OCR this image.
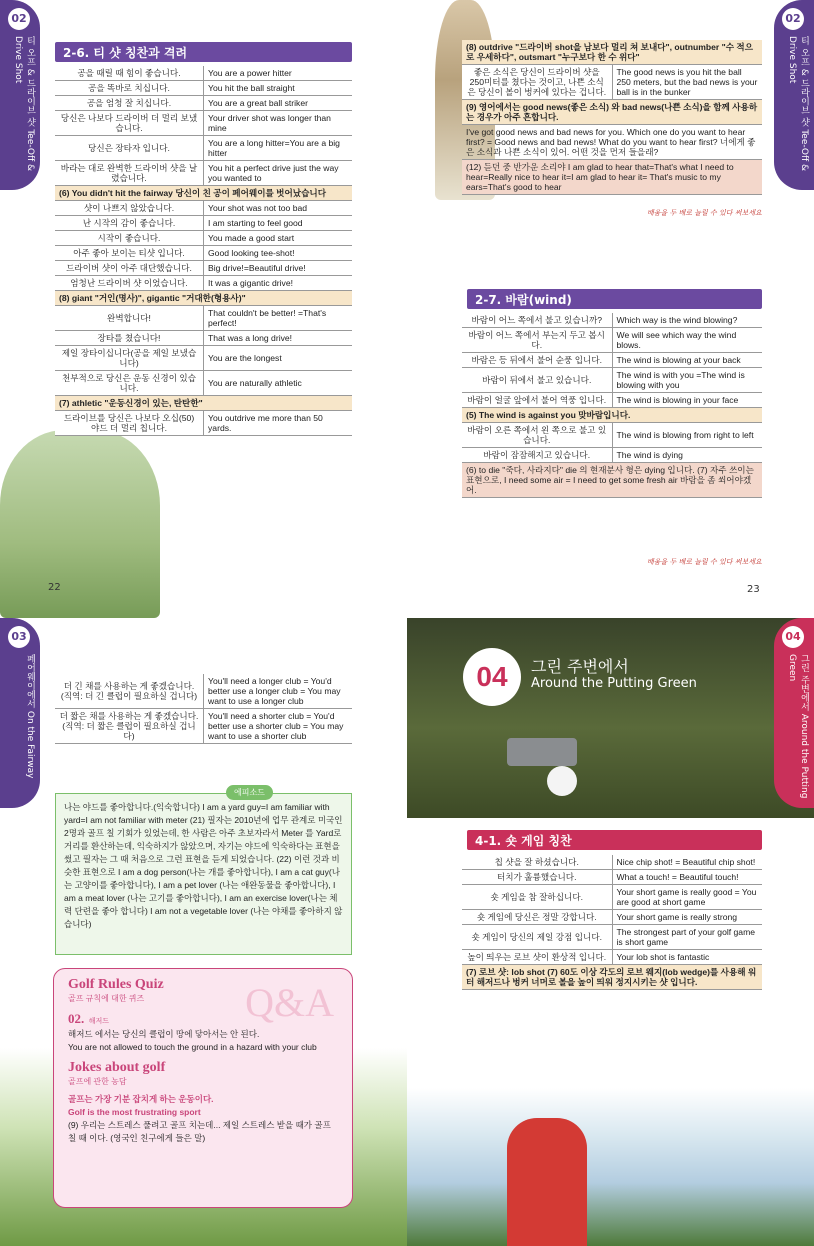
02
티 오프 & 드라이브 샷 Tee-Off & Drive Shot	2-6. 티 샷 칭찬과 격려
공을 때릴 때 힘이 좋습니다.	You are a power hitter
공을 똑바로 치십니다.	You hit the ball straight
공을 엄청 잘 치십니다.	You are a great ball striker
당신은 나보다 드라이버 더 멀리 보냈습니다.	Your driver shot was longer than mine
당신은 장타자 입니다.	You are a long hitter=You are a big hitter
바라는 대로 완벽한 드라이버 샷을 날렸습니다.	You hit a perfect drive just the way you wanted to
(6) You didn't hit the fairway 당신이 친 공이 페어웨이를 벗어났습니다	
샷이 나쁘지 않았습니다.	Your shot was not too bad
난 시작의 감이 좋습니다.	I am starting to feel good
시작이 좋습니다.	You made a good start
아주 좋아 보이는 티샷 입니다.	Good looking tee-shot!
드라이버 샷이 아주 대단했습니다.	Big drive!=Beautiful drive!
엄청난 드라이버 샷 이었습니다.	It was a gigantic drive!
(8) giant "거인(명사)", gigantic "거대한(형용사)"	
완벽합니다!	That couldn't be better! =That's perfect!
장타를 쳤습니다!	That was a long drive!
제일 장타이십니다(공을 제일 보냈습니다)	You are the longest
천부적으로 당신은 운동 신경이 있습니다.	You are naturally athletic
(7) athletic "운동신경이 있는, 탄탄한"	
드라이브를 당신은 나보다 오십(50) 야드 더 멀리 칩니다.	You outdrive me more than 50 yards.
22
02
티 오프 & 드라이브 샷 Tee-Off & Drive Shot
(8) outdrive "드라이버 shot을 남보다 멀리 쳐 보내다", outnumber "수 적으로 우세하다", outsmart "누구보다 한 수 위다"
좋은 소식은 당신이 드라이버 샷을 250미터를 쳤다는 것이고, 나쁜 소식은 당신이 볼이 벙커에 있다는 겁니다.	The good news is you hit the ball 250 meters, but the bad news is your ball is in the bunker
(9) 영어에서는 good news(좋은 소식) 와 bad news(나쁜 소식)을 함께 사용하는 경우가 아주 흔합니다.
I've got good news and bad news for you. Which one do you want to hear first? = Good news and bad news! What do you want to hear first? 너에게 좋은 소식과 나쁜 소식이 있어. 어떤 것을 먼저 들을래?
(12) 듣던 중 반가운 소리야 I am glad to hear that=That's what I need to hear=Really nice to hear it=I am glad to hear it= That's music to my ears=That's good to hear
배움을 두 배로 늘릴 수 있다 써보세요
2-7. 바람(wind)
바람이 어느 쪽에서 불고 있습니까?	Which way is the wind blowing?
바람이 어느 쪽에서 부는지 두고 봅시다.	We will see which way the wind blows.
바람은 등 뒤에서 불어 순풍 입니다.	The wind is blowing at your back
바람이 뒤에서 불고 있습니다.	The wind is with you =The wind is blowing with you
바람이 얼굴 앞에서 불어 역풍 입니다.	The wind is blowing in your face
(5) The wind is against you 맞바람입니다.	
바람이 오른 쪽에서 왼 쪽으로 불고 있습니다.	The wind is blowing from right to left
바람이 잠잠해지고 있습니다.	The wind is dying
(6) to die "죽다, 사라지다" die 의 현재분사 형은 dying 입니다. (7) 자주 쓰이는 표현으로, I need some air = I need to get some fresh air 바람을 좀 쐬어야겠어.	
배움을 두 배로 늘릴 수 있다 써보세요
23
03
페어웨이에서 On the Fairway	더 긴 채를 사용하는 게 좋겠습니다. (직역: 더 긴 클럽이 필요하실 겁니다)	You'll need a longer club = You'd better use a longer club = You may want to use a longer club
더 짧은 채를 사용하는 게 좋겠습니다. (직역: 더 짧은 클럽이 필요하실 겁니다)	You'll need a shorter club = You'd better use a shorter club = You may want to use a shorter club
에피소드
나는 야드를 좋아합니다.(익숙합니다) I am a yard guy=I am familiar with yard=I am not familiar with meter (21) 필자는 2010년에 업무 관계로 미국인 2명과 골프 칠 기회가 있었는데, 한 사람은 아주 초보자라서 Meter 를 Yard로 거리를 환산하는데, 익숙하지가 않았으며, 자기는 야드에 익숙하다는 표현을 썼고 필자는 그 때 처음으로 그런 표현을 듣게 되었습니다. (22) 이런 것과 비슷한 표현으로 I am a dog person(나는 개를 좋아합니다), I am a cat guy(나는 고양이를 좋아합니다), I am a pet lover (나는 애완동물을 좋아합니다), I am a meat lover (나는 고기를 좋아합니다), I am an exercise lover(나는 체력 단련을 좋아 합니다) I am not a vegetable lover (나는 야채를 좋아하지 않습니다)
Q&A
Golf Rules Quiz
골프 규칙에 대한 퀴즈
02. 해저드
해저드 에서는 당신의 클럽이 땅에 닿아서는 안 된다.
You are not allowed to touch the ground in a hazard with your club
Jokes about golf
골프에 관한 농담
골프는 가장 기분 잡치게 하는 운동이다.
Golf is the most frustrating sport
(9) 우리는 스트레스 풀려고 골프 치는데... 제일 스트레스 받을 때가 골프 칠 때 이다. (영국인 친구에게 들은 말)
04	그린 주변에서
Around the Putting Green
04
그린 주변에서 Around the Putting Green
4-1. 숏 게임 칭찬
칩 샷을 잘 하셨습니다.	Nice chip shot! = Beautiful chip shot!
터치가 훌륭했습니다.	What a touch! = Beautiful touch!
숏 게임을 참 잘하십니다.	Your short game is really good = You are good at short game
숏 게임에 당신은 정말 강합니다.	Your short game is really strong
숏 게임이 당신의 제일 강점 입니다.	The strongest part of your golf game is short game
높이 띄우는 로브 샷이 환상적 입니다.	Your lob shot is fantastic
(7) 로브 샷: lob shot (7) 60도 이상 각도의 로브 웨지(lob wedge)를 사용해 워터 해저드나 벙커 너머로 볼을 높이 띄워 정지시키는 샷 입니다.	
